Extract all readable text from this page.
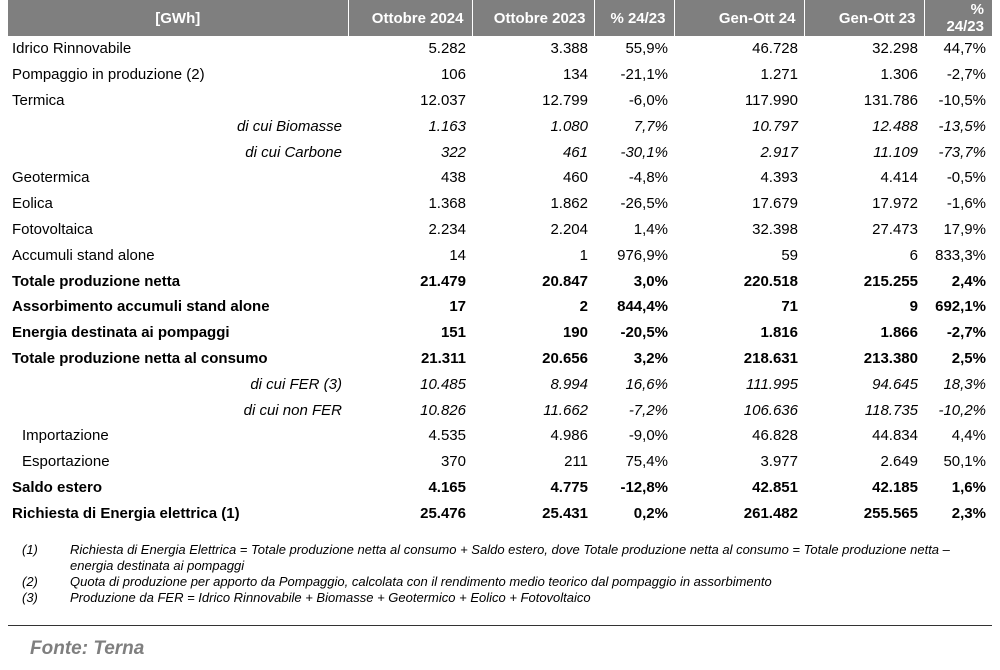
[GWh]	Ottobre 2024	Ottobre 2023	% 24/23	Gen-Ott 24	Gen-Ott 23	% 24/23
Idrico Rinnovabile	5.282	3.388	55,9%	46.728	32.298	44,7%
Pompaggio in produzione (2)	106	134	-21,1%	1.271	1.306	-2,7%
Termica	12.037	12.799	-6,0%	117.990	131.786	-10,5%
di cui Biomasse	1.163	1.080	7,7%	10.797	12.488	-13,5%
di cui Carbone	322	461	-30,1%	2.917	11.109	-73,7%
Geotermica	438	460	-4,8%	4.393	4.414	-0,5%
Eolica	1.368	1.862	-26,5%	17.679	17.972	-1,6%
Fotovoltaica	2.234	2.204	1,4%	32.398	27.473	17,9%
Accumuli stand alone	14	1	976,9%	59	6	833,3%
Totale produzione netta	21.479	20.847	3,0%	220.518	215.255	2,4%
Assorbimento accumuli stand alone	17	2	844,4%	71	9	692,1%
Energia destinata ai pompaggi	151	190	-20,5%	1.816	1.866	-2,7%
Totale produzione netta al consumo	21.311	20.656	3,2%	218.631	213.380	2,5%
di cui FER (3)	10.485	8.994	16,6%	111.995	94.645	18,3%
di cui non FER	10.826	11.662	-7,2%	106.636	118.735	-10,2%
Importazione	4.535	4.986	-9,0%	46.828	44.834	4,4%
Esportazione	370	211	75,4%	3.977	2.649	50,1%
Saldo estero	4.165	4.775	-12,8%	42.851	42.185	1,6%
Richiesta di Energia elettrica (1)	25.476	25.431	0,2%	261.482	255.565	2,3%
(1)	Richiesta di Energia Elettrica = Totale produzione netta al consumo + Saldo estero, dove Totale produzione netta al consumo = Totale produzione netta – energia destinata ai pompaggi
(2)	Quota di produzione per apporto da Pompaggio, calcolata con il rendimento medio teorico dal pompaggio in assorbimento
(3)	Produzione da FER = Idrico Rinnovabile + Biomasse + Geotermico + Eolico + Fotovoltaico
Fonte: Terna
